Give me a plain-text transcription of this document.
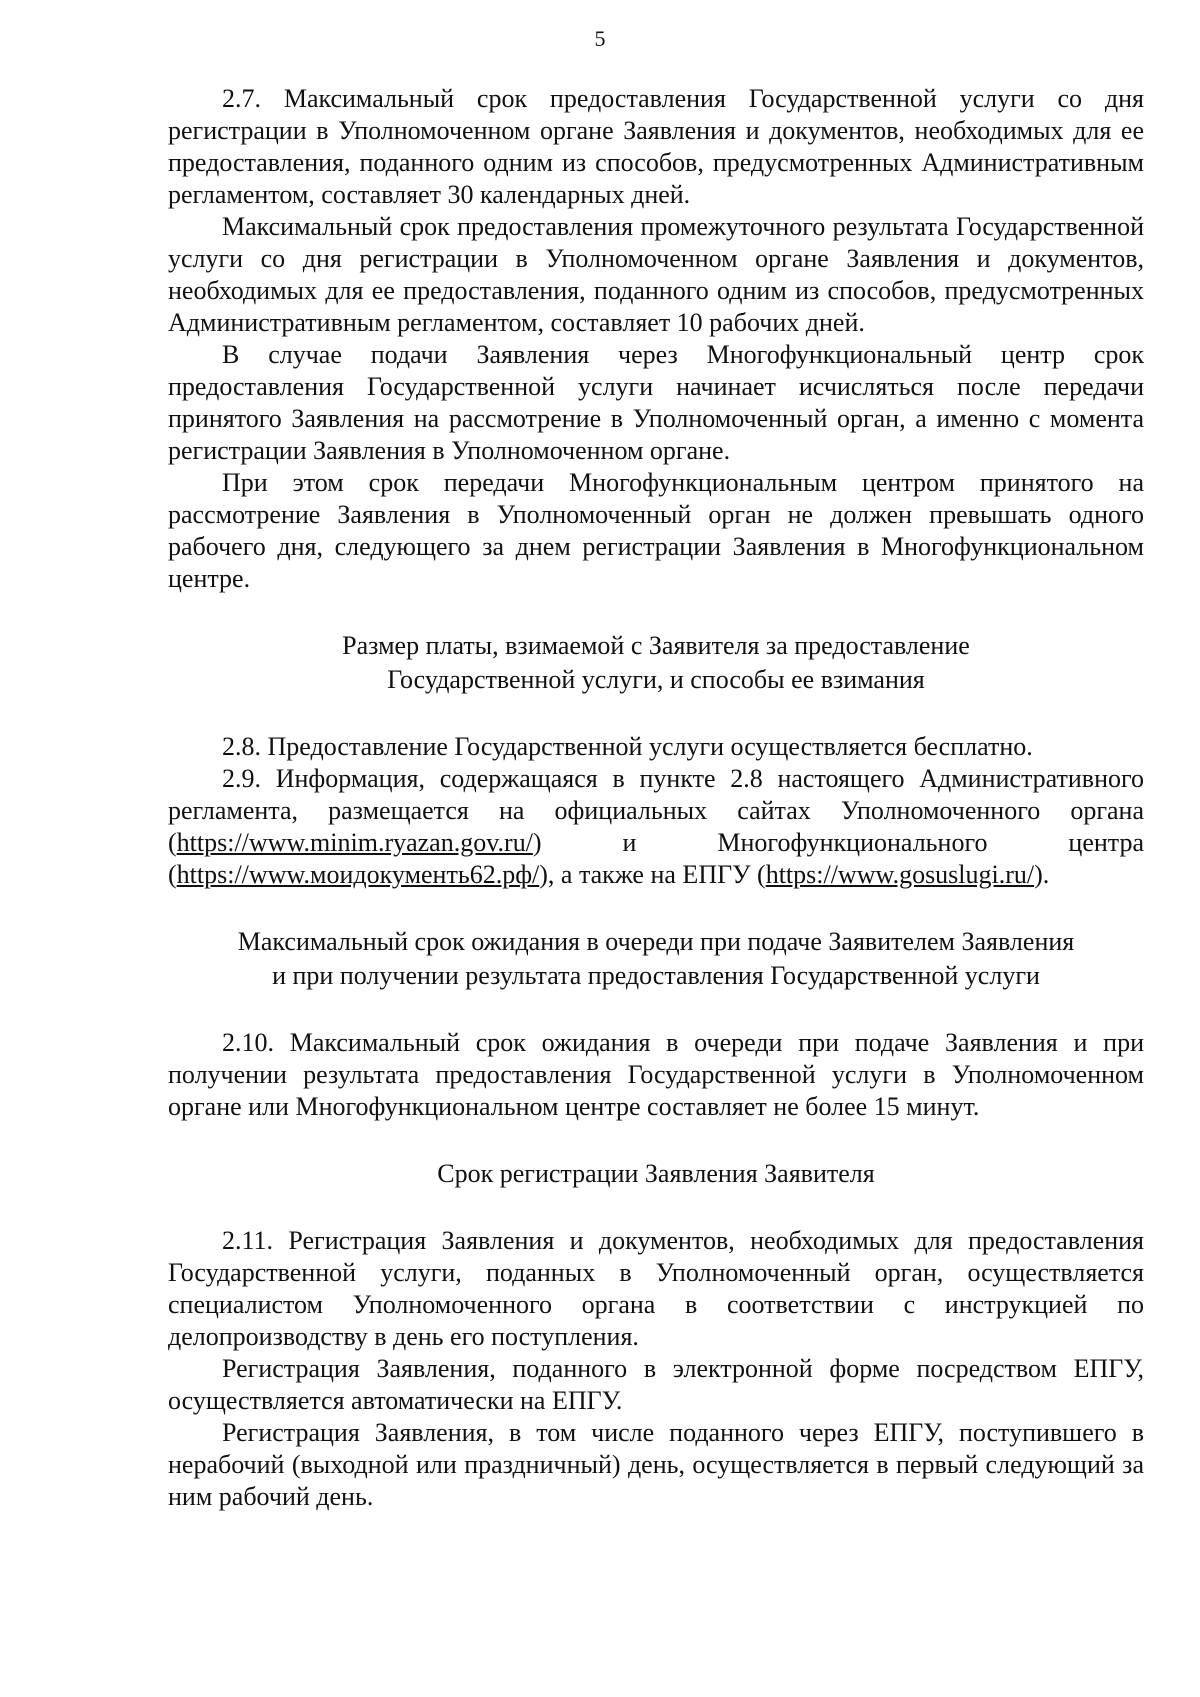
5

2.7. Максимальный срок предоставления Государственной услуги со дня регистрации в Уполномоченном органе Заявления и документов, необходимых для ее предоставления, поданного одним из способов, предусмотренных Административным регламентом, составляет 30 календарных дней.

Максимальный срок предоставления промежуточного результата Государственной услуги со дня регистрации в Уполномоченном органе Заявления и документов, необходимых для ее предоставления, поданного одним из способов, предусмотренных Административным регламентом, составляет 10 рабочих дней.

В случае подачи Заявления через Многофункциональный центр срок предоставления Государственной услуги начинает исчисляться после передачи принятого Заявления на рассмотрение в Уполномоченный орган, а именно с момента регистрации Заявления в Уполномоченном органе.

При этом срок передачи Многофункциональным центром принятого на рассмотрение Заявления в Уполномоченный орган не должен превышать одного рабочего дня, следующего за днем регистрации Заявления в Многофункциональном центре.

Размер платы, взимаемой с Заявителя за предоставление

Государственной услуги, и способы ее взимания

2.8. Предоставление Государственной услуги осуществляется бесплатно.

2.9. Информация, содержащаяся в пункте 2.8 настоящего Административного регламента, размещается на официальных сайтах Уполномоченного органа (https://www.minim.ryazan.gov.ru/) и Многофункционального центра (https://www.моидокументь62.рф/), а также на ЕПГУ (https://www.gosuslugi.ru/).

Максимальный срок ожидания в очереди при подаче Заявителем Заявления

и при получении результата предоставления Государственной услуги

2.10. Максимальный срок ожидания в очереди при подаче Заявления и при получении результата предоставления Государственной услуги в Уполномоченном органе или Многофункциональном центре составляет не более 15 минут.

Срок регистрации Заявления Заявителя

2.11. Регистрация Заявления и документов, необходимых для предоставления Государственной услуги, поданных в Уполномоченный орган, осуществляется специалистом Уполномоченного органа в соответствии с инструкцией по делопроизводству в день его поступления.

Регистрация Заявления, поданного в электронной форме посредством ЕПГУ, осуществляется автоматически на ЕПГУ.

Регистрация Заявления, в том числе поданного через ЕПГУ, поступившего в нерабочий (выходной или праздничный) день, осуществляется в первый следующий за ним рабочий день.
